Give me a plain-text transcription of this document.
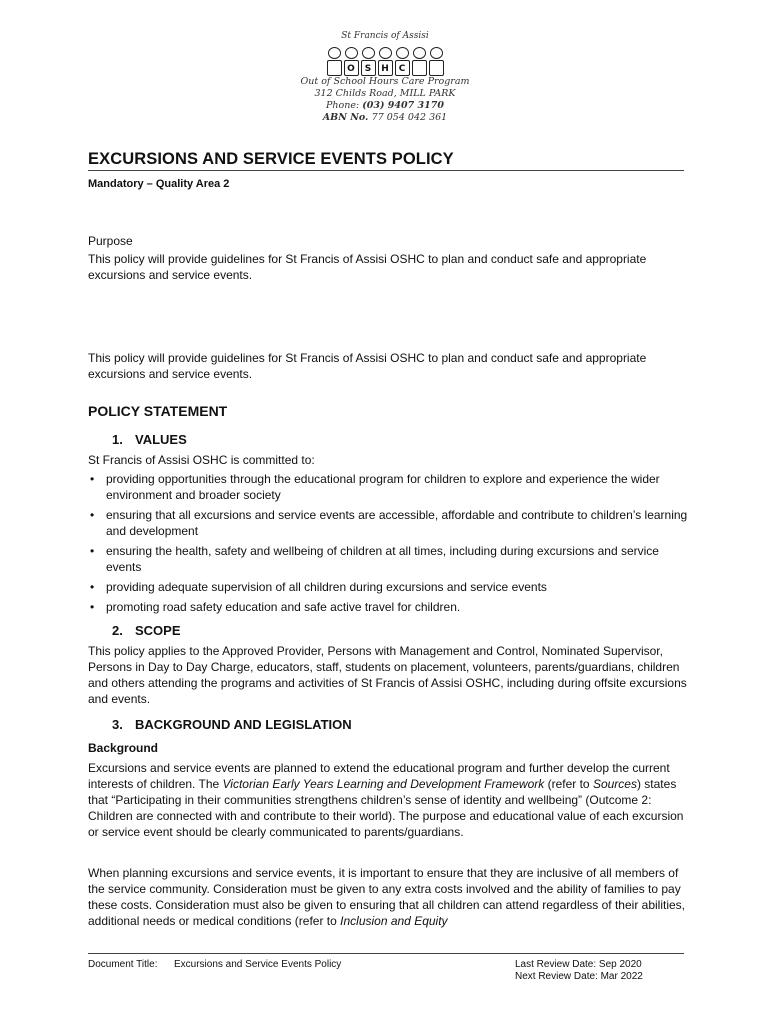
St Francis of Assisi
O	S	H	C
Out of School Hours Care Program
312 Childs Road, MILL PARK
Phone: (03) 9407 3170
ABN No. 77 054 042 361
EXCURSIONS AND SERVICE EVENTS POLICY
Mandatory – Quality Area 2
Purpose
This policy will provide guidelines for St Francis of Assisi OSHC to plan and conduct safe and appropriate excursions and service events.
This policy will provide guidelines for St Francis of Assisi OSHC to plan and conduct safe and appropriate excursions and service events.
POLICY STATEMENT
1. VALUES
St Francis of Assisi OSHC is committed to:
• providing opportunities through the educational program for children to explore and experience the wider environment and broader society
• ensuring that all excursions and service events are accessible, affordable and contribute to children’s learning and development
• ensuring the health, safety and wellbeing of children at all times, including during excursions and service events
• providing adequate supervision of all children during excursions and service events
• promoting road safety education and safe active travel for children.
2. SCOPE
This policy applies to the Approved Provider, Persons with Management and Control, Nominated Supervisor, Persons in Day to Day Charge, educators, staff, students on placement, volunteers, parents/guardians, children and others attending the programs and activities of St Francis of Assisi OSHC, including during offsite excursions and events.
3. BACKGROUND AND LEGISLATION
Background
Excursions and service events are planned to extend the educational program and further develop the current interests of children. The Victorian Early Years Learning and Development Framework (refer to Sources) states that “Participating in their communities strengthens children’s sense of identity and wellbeing” (Outcome 2: Children are connected with and contribute to their world). The purpose and educational value of each excursion or service event should be clearly communicated to parents/guardians.
When planning excursions and service events, it is important to ensure that they are inclusive of all members of the service community. Consideration must be given to any extra costs involved and the ability of families to pay these costs. Consideration must also be given to ensuring that all children can attend regardless of their abilities, additional needs or medical conditions (refer to Inclusion and Equity
Document Title: Excursions and Service Events Policy	Last Review Date: Sep 2020
Next Review Date: Mar 2022
